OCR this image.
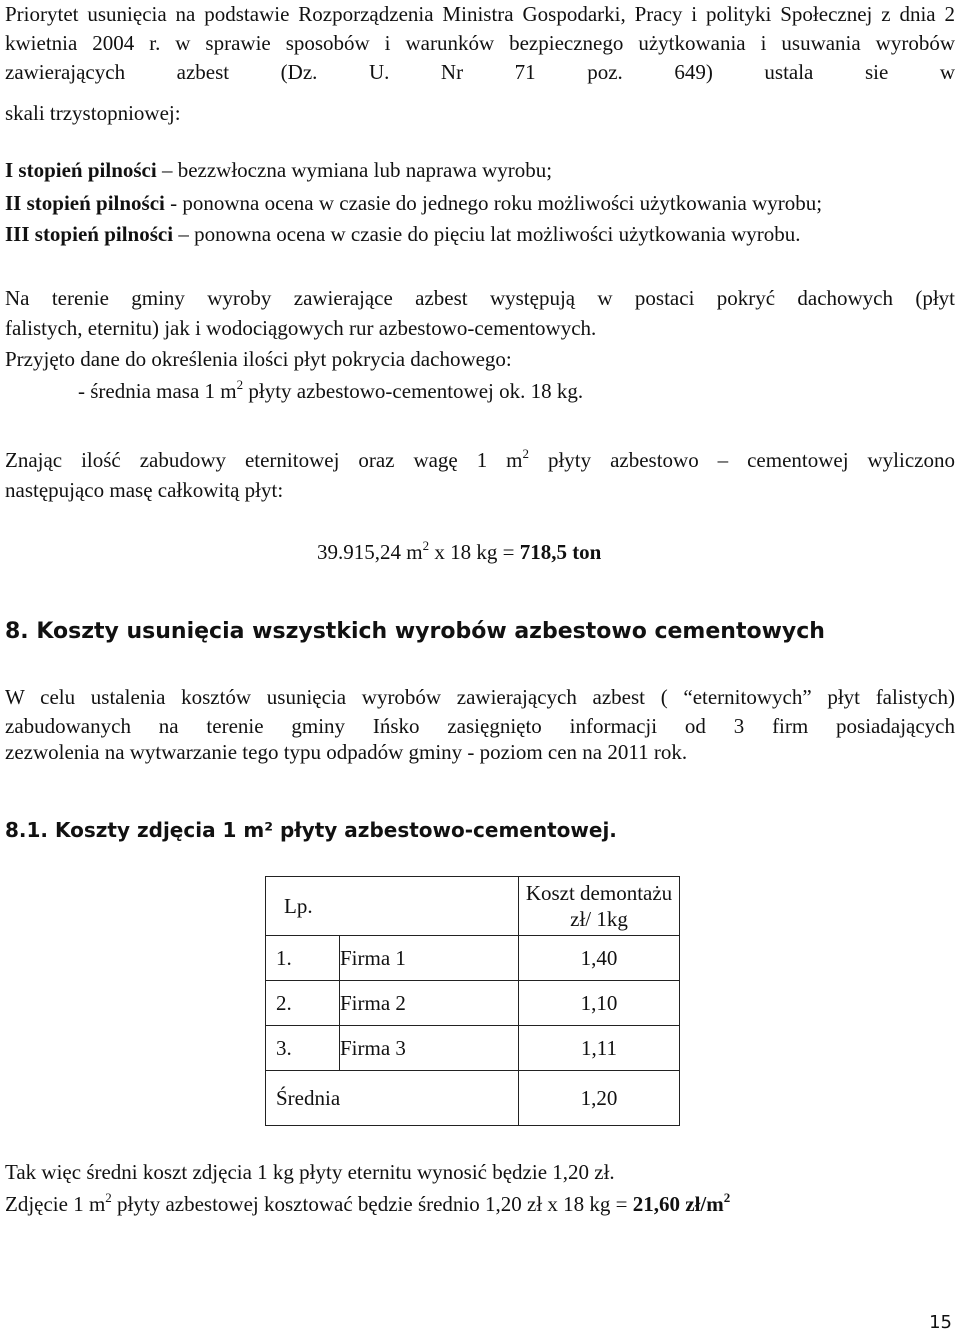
Priorytet usunięcia na podstawie Rozporządzenia Ministra Gospodarki, Pracy i polityki Społecznej z dnia 2 kwietnia 2004 r. w sprawie sposobów i warunków bezpiecznego użytkowania i usuwania wyrobów zawierających azbest (Dz. U. Nr 71 poz. 649) ustala sie w
skali trzystopniowej:
I stopień pilności – bezzwłoczna wymiana lub naprawa wyrobu;
II stopień pilności - ponowna ocena w czasie do jednego roku możliwości użytkowania wyrobu;
III stopień pilności – ponowna ocena w czasie do pięciu lat możliwości użytkowania wyrobu.
Na terenie gminy wyroby zawierające azbest występują w postaci pokryć dachowych (płyt
falistych, eternitu) jak i wodociągowych rur azbestowo-cementowych.
Przyjęto dane do określenia ilości płyt pokrycia dachowego:
- średnia masa 1 $m^2$ płyty azbestowo-cementowej ok. 18 kg.
Znając ilość zabudowy eternitowej oraz wagę 1 $m^2$ płyty azbestowo – cementowej wyliczono
następująco masę całkowitą płyt:
39.915,24 $m^2$ x 18 kg = 718,5 ton
8. Koszty usunięcia wszystkich wyrobów azbestowo cementowych
W celu ustalenia kosztów usunięcia wyrobów zawierających azbest ( “eternitowych” płyt falistych) zabudowanych na terenie gminy Ińsko zasięgnięto informacji od 3 firm posiadających
zezwolenia na wytwarzanie tego typu odpadów gminy - poziom cen na 2011 rok.
8.1. Koszty zdjęcia 1 m² płyty azbestowo-cementowej.
Lp.		Koszt demontażu
zł/ 1kg

1.	Firma 1	1,40
2.	Firma 2	1,10
3.	Firma 3	1,11
Średnia		1,20
Tak więc średni koszt zdjęcia 1 kg płyty eternitu wynosić będzie 1,20 zł.
Zdjęcie 1 $m^2$ płyty azbestowej kosztować będzie średnio 1,20 zł x 18 kg = 21,60 $zł/m^2$
15
